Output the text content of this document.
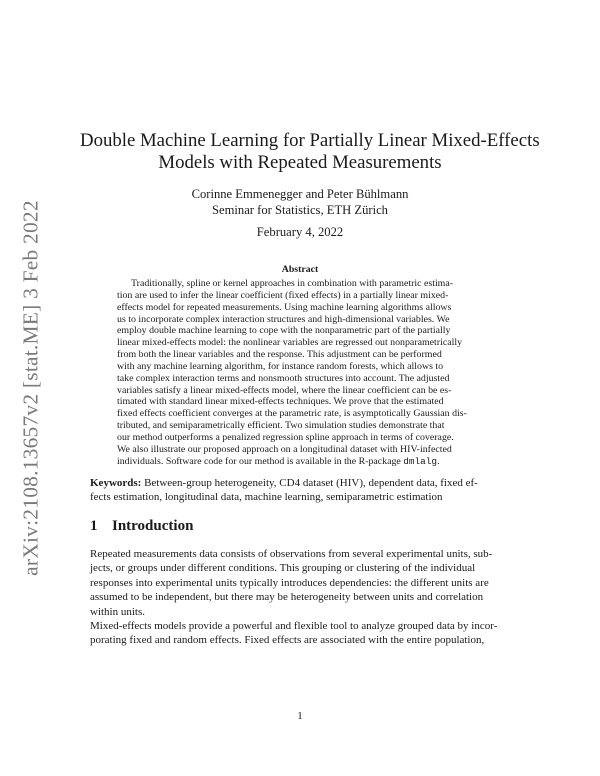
arXiv:2108.13657v2 [stat.ME] 3 Feb 2022
Double Machine Learning for Partially Linear Mixed-Effects
Models with Repeated Measurements
Corinne Emmenegger and Peter Bühlmann
Seminar for Statistics, ETH Zürich
February 4, 2022
Abstract
Traditionally, spline or kernel approaches in combination with parametric estima-
tion are used to infer the linear coefficient (fixed effects) in a partially linear mixed-
effects model for repeated measurements. Using machine learning algorithms allows
us to incorporate complex interaction structures and high-dimensional variables. We
employ double machine learning to cope with the nonparametric part of the partially
linear mixed-effects model: the nonlinear variables are regressed out nonparametrically
from both the linear variables and the response. This adjustment can be performed
with any machine learning algorithm, for instance random forests, which allows to
take complex interaction terms and nonsmooth structures into account. The adjusted
variables satisfy a linear mixed-effects model, where the linear coefficient can be es-
timated with standard linear mixed-effects techniques. We prove that the estimated
fixed effects coefficient converges at the parametric rate, is asymptotically Gaussian dis-
tributed, and semiparametrically efficient. Two simulation studies demonstrate that
our method outperforms a penalized regression spline approach in terms of coverage.
We also illustrate our proposed approach on a longitudinal dataset with HIV-infected
individuals. Software code for our method is available in the R-package dmlalg.
Keywords: Between-group heterogeneity, CD4 dataset (HIV), dependent data, fixed ef-
fects estimation, longitudinal data, machine learning, semiparametric estimation
1 Introduction
Repeated measurements data consists of observations from several experimental units, sub-
jects, or groups under different conditions. This grouping or clustering of the individual
responses into experimental units typically introduces dependencies: the different units are
assumed to be independent, but there may be heterogeneity between units and correlation
within units.
Mixed-effects models provide a powerful and flexible tool to analyze grouped data by incor-
porating fixed and random effects. Fixed effects are associated with the entire population,
1
